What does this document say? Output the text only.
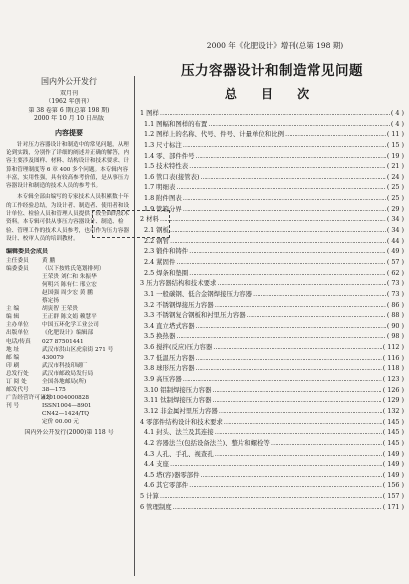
国内外公开发行
双月刊
（1962 年创刊）
第 38 卷第 6 期(总第 198 期)
2000 年 10 月 10 日出版
内容提要

针对压力容器设计和制造中的常见问题，从理论到实践，分别作了详细的阐述并正确的解答，内容主要涉及图样、材料、结构设计和技术要求、计算和管理制度等 6 章 400 多个问题。本专辑内容丰富，实用性强，具有较高参考价值，是从事压力容器设计和制造的技术人员的参考书。

本专辑全部由编写的专家技术人员积累数十年的工作经验总结，为设计者、制造者、使用者和设计单位、检验人员和管理人员提供了较全面的技术资料。本专辑可供从事压力容器设计、制造、检验、管理工作的技术人员参考，也可作为压力容器设计、校审人员的培训教材。

编辑委员会成员
主任委员	黄 鹏
编委委员	（以下按姓氏笔划排列）
王荣贵 刘仁和 朱振华
何明兴 陈有仁 邢立宏
赵国强 周少宏 黄 鹏
蔡定扬
主 编	胡寅智 王荣贵
编 辑	王正群 陈文娟 赖慧平
主办单位	中国五环化学工业公司
出版单位	《化肥设计》编辑部
电话/传真	027 87501441
地 址	武汉市洪山区虎泉街 271 号
邮 编	430079
印 刷	武汉市科技印刷厂
总发行处	武汉市邮政局发行局
订 阅 处	全国各地邮局(所)
邮发代号	38—175
广告经营许可证号
4201004000828
刊 号	ISSN1004—8901
CN42—1424/TQ
定价 00.00 元
国内外公开发行(2000)第 118 号
2000 年《化肥设计》增刊(总第 198 期)
压力容器设计和制造常见问题
总 目 次
1 图样 …………………………………………………………………………………………………………………………………	( 4 )
1.1 图幅和图样的布置 …………………………………………………………………………………………………………………………………	( 4 )
1.2 图样上的名称、代号、件号、计量单位和比例 …………………………………………………………………………………………………………………………………	( 11 )
1.3 尺寸标注 …………………………………………………………………………………………………………………………………	( 15 )
1.4 零、部件件号 …………………………………………………………………………………………………………………………………	( 19 )
1.5 技术特性表 …………………………………………………………………………………………………………………………………	( 21 )
1.6 管口表(接管表) …………………………………………………………………………………………………………………………………	( 24 )
1.7 明细表 …………………………………………………………………………………………………………………………………	( 25 )
1.8 附件图表 …………………………………………………………………………………………………………………………………	( 25 )
1.9 管箱分界 …………………………………………………………………………………………………………………………………	( 29 )
2 材料 …………………………………………………………………………………………………………………………………	( 34 )
2.1 钢板 …………………………………………………………………………………………………………………………………	( 34 )
2.2 钢管 …………………………………………………………………………………………………………………………………	( 44 )
2.3 锻件和铸件 …………………………………………………………………………………………………………………………………	( 49 )
2.4 紧固件 …………………………………………………………………………………………………………………………………	( 57 )
2.5 焊条和垫圈 …………………………………………………………………………………………………………………………………	( 62 )
3 压力容器结构和技术要求 …………………………………………………………………………………………………………………………………	( 73 )
3.1 一般碳钢、低合金钢焊接压力容器 …………………………………………………………………………………………………………………………………	( 73 )
3.2 不锈钢焊接压力容器 …………………………………………………………………………………………………………………………………	( 86 )
3.3 不锈钢复合钢板和衬里压力容器 …………………………………………………………………………………………………………………………………	( 88 )
3.4 直立塔式容器 …………………………………………………………………………………………………………………………………	( 90 )
3.5 换热器 …………………………………………………………………………………………………………………………………	( 98 )
3.6 搅拌(反应)压力容器 …………………………………………………………………………………………………………………………………	( 112 )
3.7 低温压力容器 …………………………………………………………………………………………………………………………………	( 116 )
3.8 球形压力容器 …………………………………………………………………………………………………………………………………	( 118 )
3.9 高压容器 …………………………………………………………………………………………………………………………………	( 123 )
3.10 铝制焊接压力容器 …………………………………………………………………………………………………………………………………	( 126 )
3.11 钛制焊接压力容器 …………………………………………………………………………………………………………………………………	( 129 )
3.12 非金属衬里压力容器 …………………………………………………………………………………………………………………………………	( 132 )
4 零部件结构设计和技术要求 …………………………………………………………………………………………………………………………………	( 145 )
4.1 封头、法兰及其连接 …………………………………………………………………………………………………………………………………	( 145 )
4.2 容器法兰(包括设备法兰)、整片和螺栓等 …………………………………………………………………………………………………………………………………	( 145 )
4.3 人孔、手孔、视查孔 …………………………………………………………………………………………………………………………………	( 149 )
4.4 支座 …………………………………………………………………………………………………………………………………	( 149 )
4.5 塔(容)器零部件 …………………………………………………………………………………………………………………………………	( 149 )
4.6 其它零部件 …………………………………………………………………………………………………………………………………	( 156 )
5 计算 …………………………………………………………………………………………………………………………………	( 157 )
6 管理制度 …………………………………………………………………………………………………………………………………	( 171 )
